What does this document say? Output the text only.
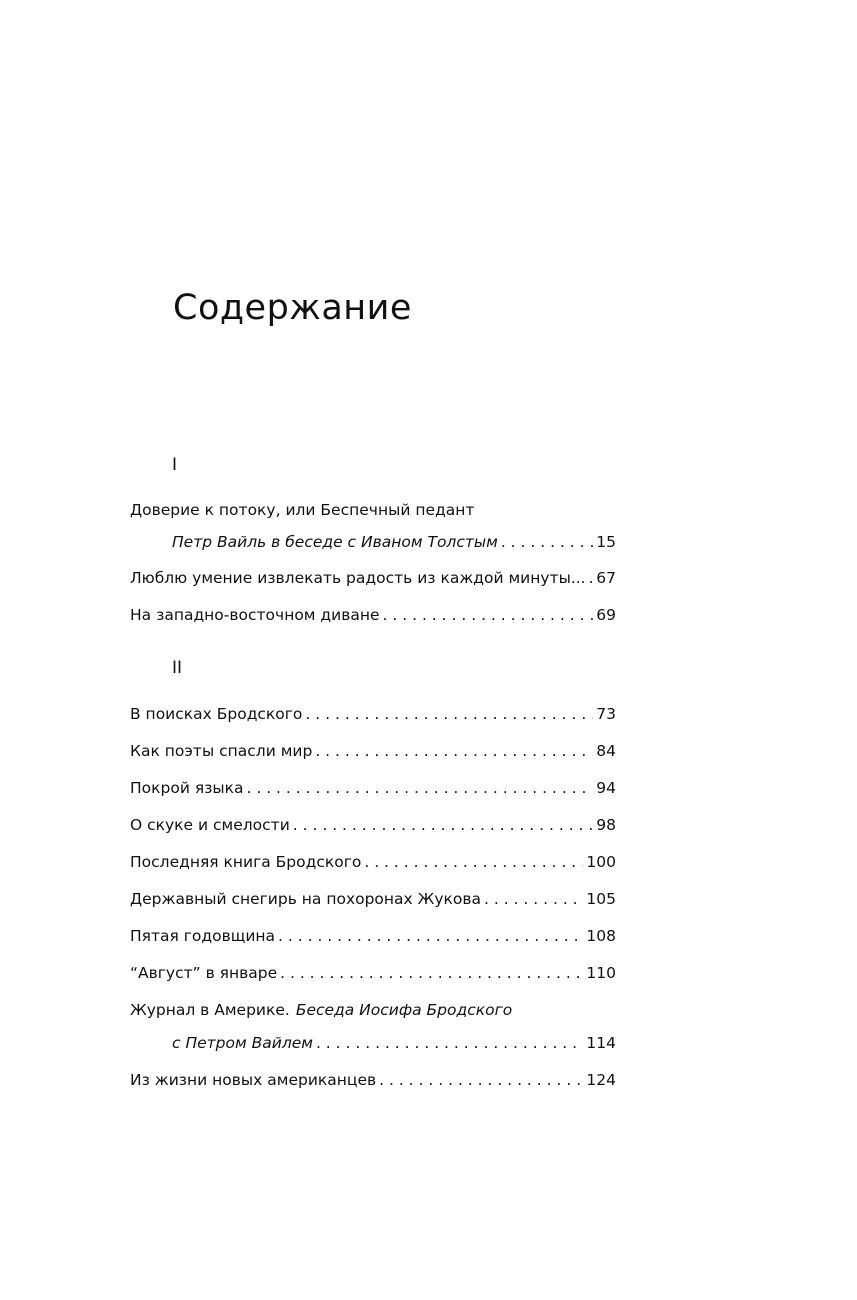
Содержание
I
Доверие к потоку, или Беспечный педант
Петр Вайль в беседе с Иваном Толстым . . .	15
Люблю умение извлекать радость из каждой минуты... . . . 67
На западно-восточном диване . . .	69
II
В поисках Бродского . . .	73
Как поэты спасли мир . . .	84
Покрой языка . . .	94
О скуке и смелости . . .	98
Последняя книга Бродского . . .	100
Державный снегирь на похоронах Жукова . . .	105
Пятая годовщина . . .	108
“Август” в январе . . .	110
Журнал в Америке. Беседа Иосифа Бродского
с Петром Вайлем . . .	114
Из жизни новых американцев . . .	124
